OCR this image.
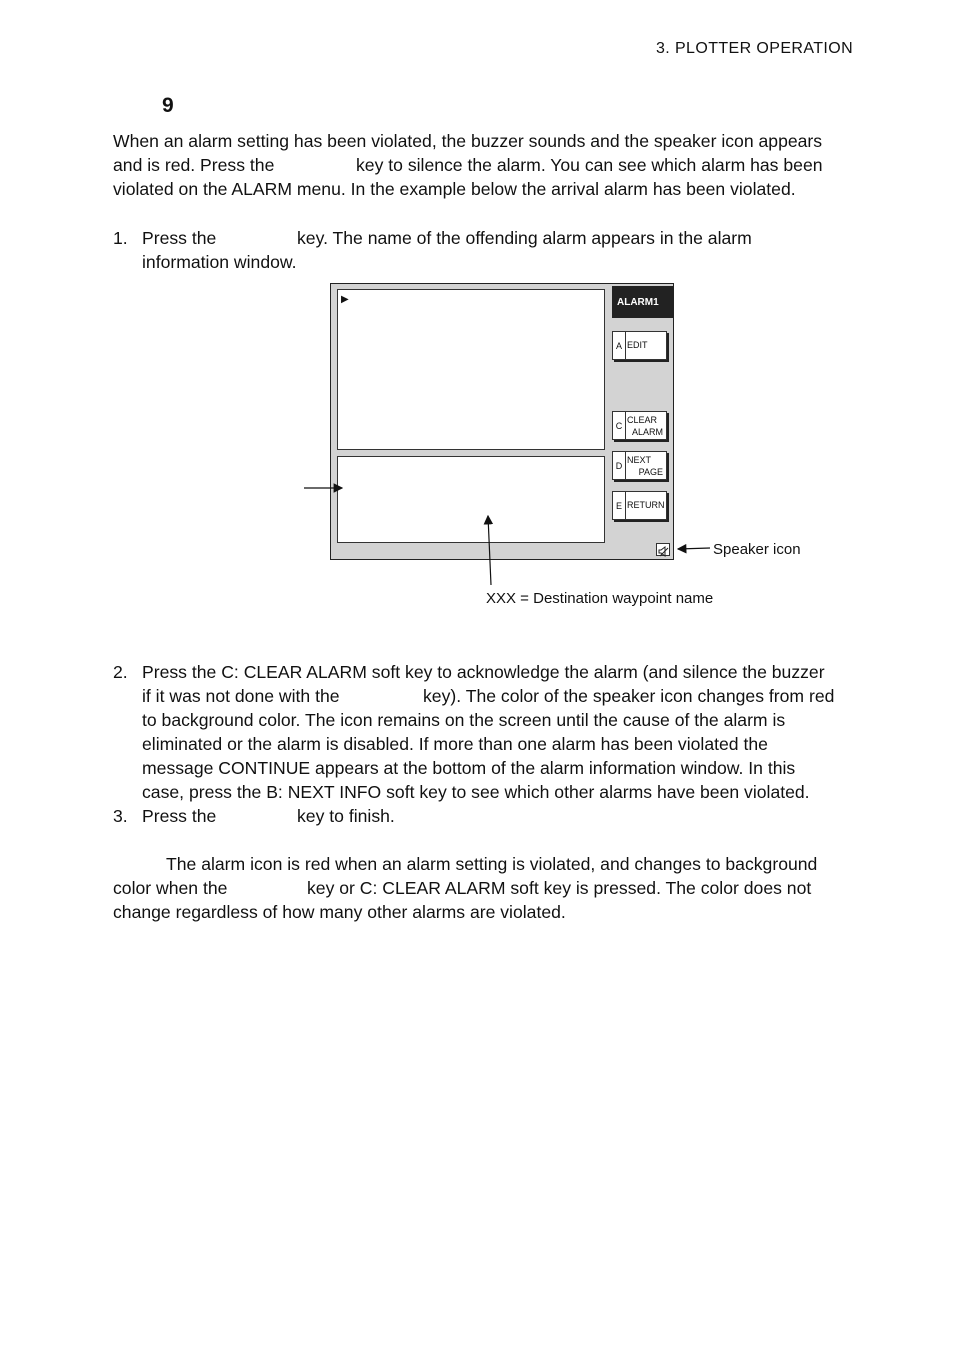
3. PLOTTER OPERATION
9
When an alarm setting has been violated, the buzzer sounds and the speaker icon appears
and is red. Press the	key to silence the alarm. You can see which alarm has been
violated on the ALARM menu. In the example below the arrival alarm has been violated.
1. Press the	key. The name of the offending alarm appears in the alarm
information window.
▶	ALARM1
A EDIT
C
CLEAR
ALARM
D
NEXT
PAGE
E RETURN
Speaker icon
XXX = Destination waypoint name
2. Press the C: CLEAR ALARM soft key to acknowledge the alarm (and silence the buzzer
if it was not done with the	key). The color of the speaker icon changes from red
to background color. The icon remains on the screen until the cause of the alarm is
eliminated or the alarm is disabled. If more than one alarm has been violated the
message CONTINUE appears at the bottom of the alarm information window. In this
case, press the B: NEXT INFO soft key to see which other alarms have been violated.
3. Press the	key to finish.
The alarm icon is red when an alarm setting is violated, and changes to background
color when the	key or C: CLEAR ALARM soft key is pressed. The color does not
change regardless of how many other alarms are violated.
